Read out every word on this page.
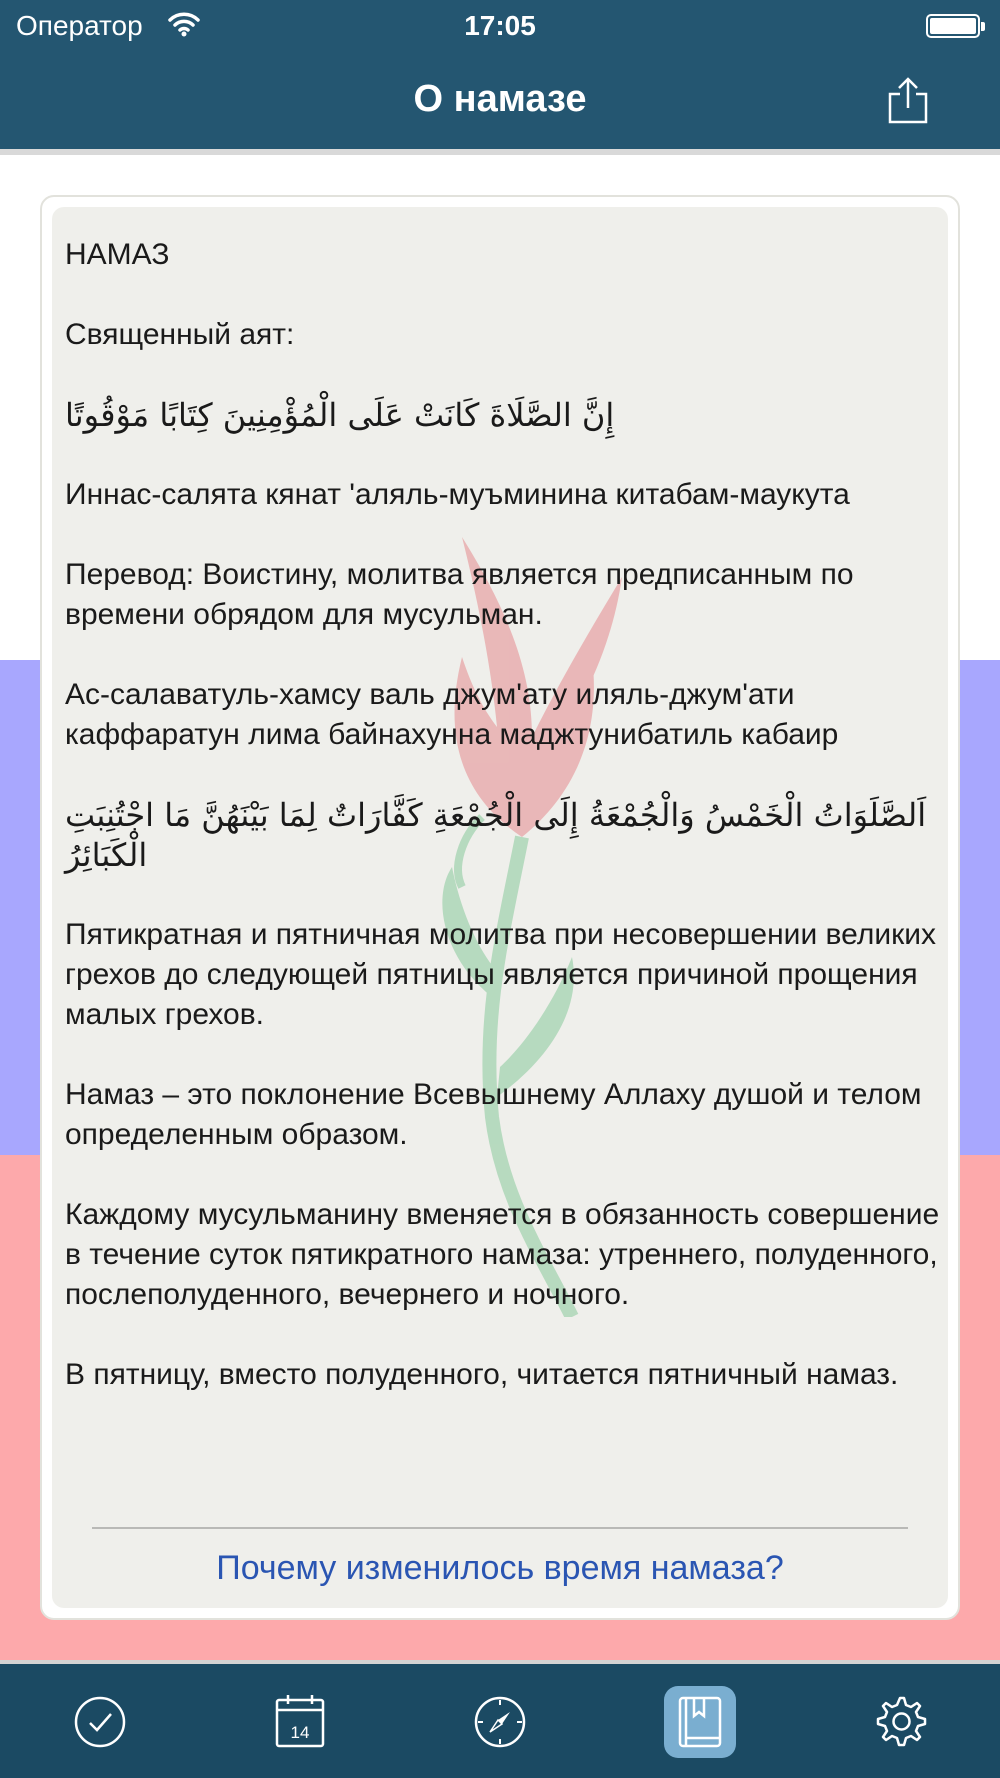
Оператор	17:05
О намазе

НАМАЗ

Священный аят:

إِنَّ الصَّلَاةَ كَانَتْ عَلَى الْمُؤْمِنِينَ كِتَابًا مَوْقُوتًا

Иннас-салята кянат 'аляль-муъминина китабам-маукута

Перевод: Воистину, молитва является предписанным по времени обрядом для мусульман.

Ас-салаватуль-хамсу валь джум'ату иляль-джум'ати каффаратун лима байнахунна маджтунибатиль кабаир

اَلصَّلَوَاتُ الْخَمْسُ وَالْجُمْعَةُ إِلَى الْجُمْعَةِ كَفَّارَاتٌ لِمَا بَيْنَهُنَّ مَا اجْتُنِبَتِ الْكَبَائِرُ

Пятикратная и пятничная молитва при несовершении великих грехов до следующей пятницы является причиной прощения малых грехов.

Намаз – это поклонение Всевышнему Аллаху душой и телом определенным образом.

Каждому мусульманину вменяется в обязанность совершение в течение суток пятикратного намаза: утреннего, полуденного, послеполуденного, вечернего и ночного.

В пятницу, вместо полуденного, читается пятничный намаз.

Почему изменилось время намаза?
14
